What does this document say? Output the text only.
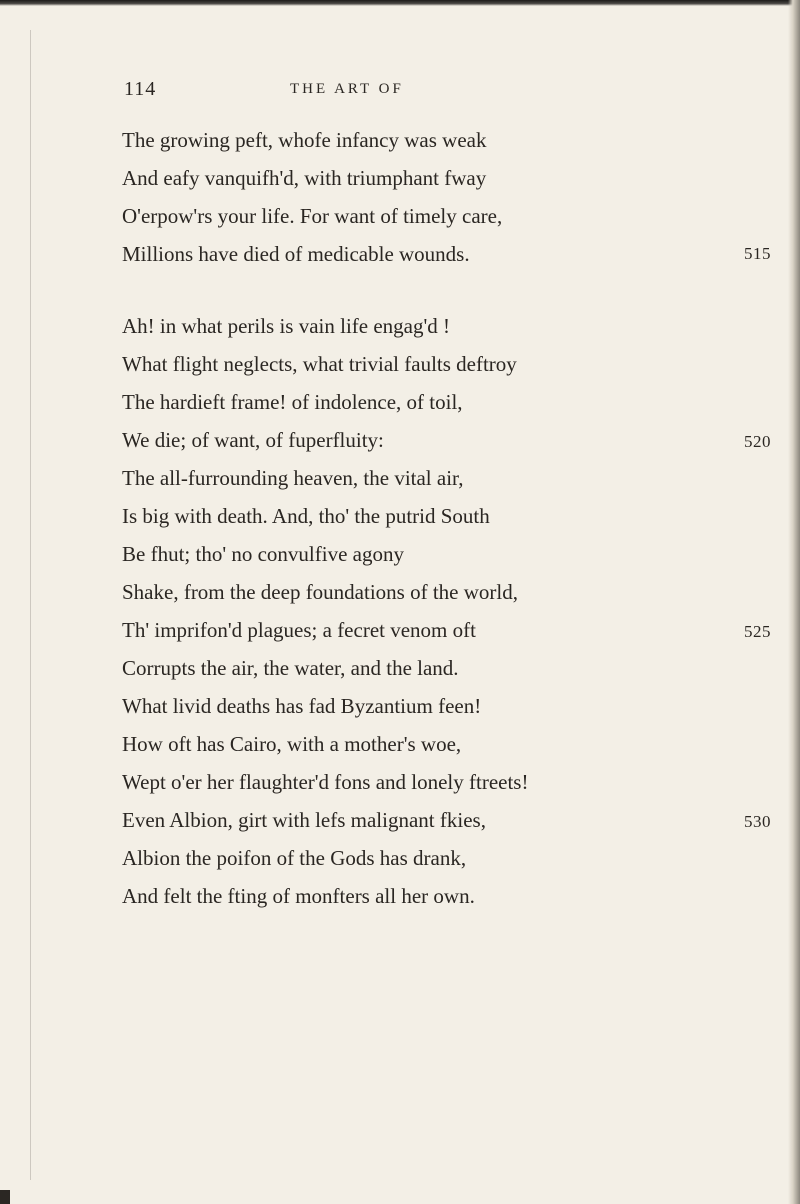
114	THE ART OF
The growing peft, whofe infancy was weak
And eafy vanquifh'd, with triumphant fway
O'erpow'rs your life. For want of timely care,
Millions have died of medicable wounds.
Ah! in what perils is vain life engag'd !
What flight neglects, what trivial faults deftroy
The hardieft frame! of indolence, of toil,
We die; of want, of fuperfluity:
The all-furrounding heaven, the vital air,
Is big with death. And, tho' the putrid South
Be fhut; tho' no convulfive agony
Shake, from the deep foundations of the world,
Th' imprifon'd plagues; a fecret venom oft
Corrupts the air, the water, and the land.
What livid deaths has fad Byzantium feen!
How oft has Cairo, with a mother's woe,
Wept o'er her flaughter'd fons and lonely ftreets!
Even Albion, girt with lefs malignant fkies,
Albion the poifon of the Gods has drank,
And felt the fting of monfters all her own.
515
520
525
530
